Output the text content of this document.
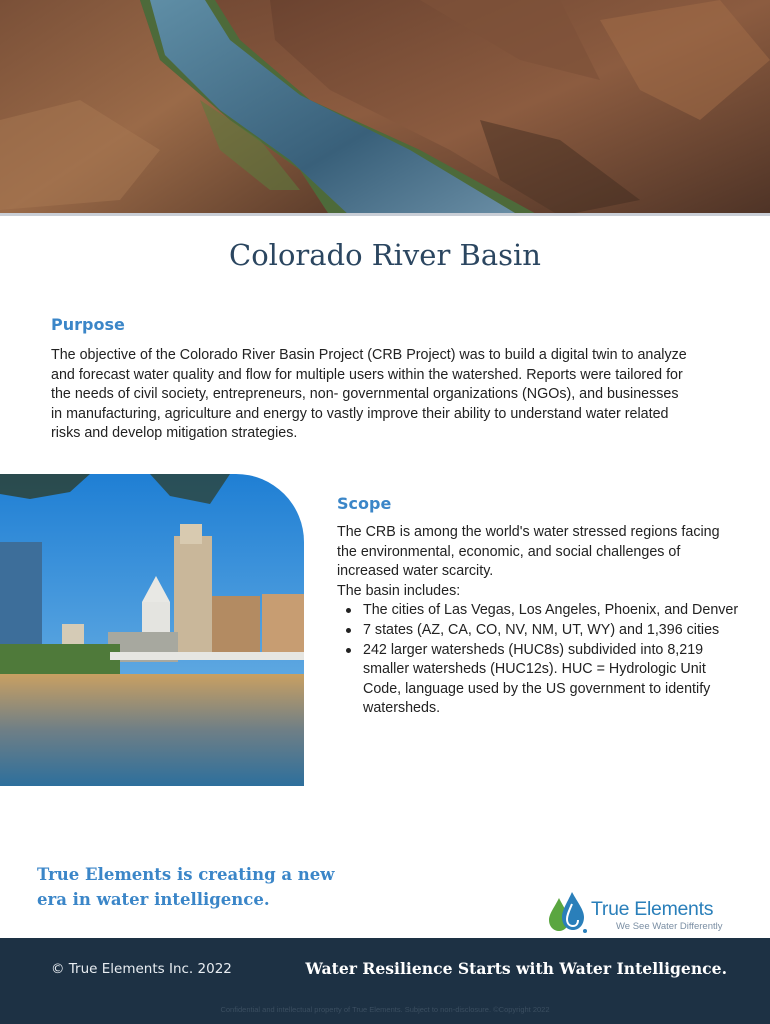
Colorado River Basin
Purpose

The objective of the Colorado River Basin Project (CRB Project) was to build a digital twin to analyze and forecast water quality and flow for multiple users within the watershed. Reports were tailored for the needs of civil society, entrepreneurs, non- governmental organizations (NGOs), and businesses in manufacturing, agriculture and energy to vastly improve their ability to understand water related risks and develop mitigation strategies.

Scope

The CRB is among the world's water stressed regions facing the environmental, economic, and social challenges of increased water scarcity.

The basin includes:

The cities of Las Vegas, Los Angeles, Phoenix, and Denver
7 states (AZ, CA, CO, NV, NM, UT, WY) and 1,396 cities
242 larger watersheds (HUC8s) subdivided into 8,219 smaller watersheds (HUC12s). HUC = Hydrologic Unit Code, language used by the US government to identify watersheds.

True Elements is creating a new era in water intelligence.	True Elements
We See Water Differently
© True Elements Inc. 2022	Water Resilience Starts with Water Intelligence.
Confidential and intellectual property of True Elements. Subject to non-disclosure. ©Copyright 2022
